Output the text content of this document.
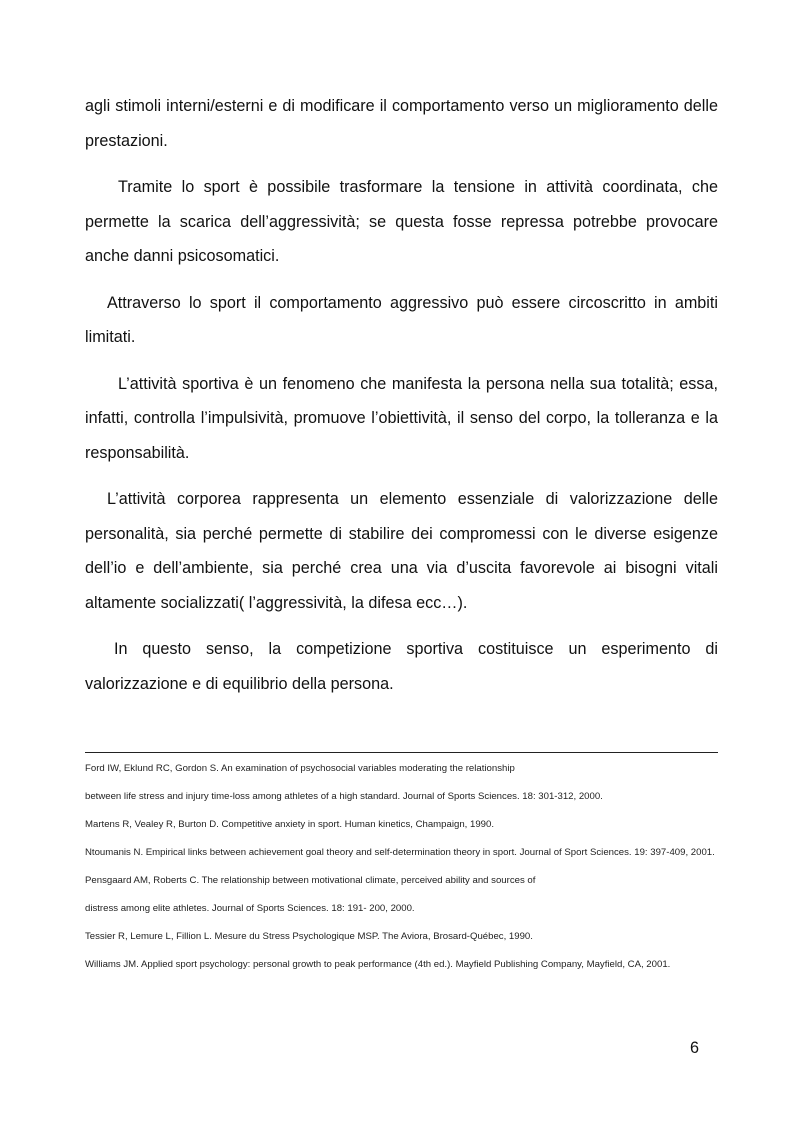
agli stimoli interni/esterni e di modificare il comportamento verso un miglioramento delle prestazioni.

Tramite lo sport è possibile trasformare la tensione in attività coordinata, che permette la scarica dell’aggressività; se questa fosse repressa potrebbe provocare anche danni psicosomatici.

Attraverso lo sport il comportamento aggressivo può essere circoscritto in ambiti limitati.

L’attività sportiva è un fenomeno che manifesta la persona nella sua totalità; essa, infatti, controlla l’impulsività, promuove l’obiettività, il senso del corpo, la tolleranza e la responsabilità.

L’attività corporea rappresenta un elemento essenziale di valorizzazione delle personalità, sia perché permette di stabilire dei compromessi con le diverse esigenze dell’io e dell’ambiente, sia perché crea una via d’uscita favorevole ai bisogni vitali altamente socializzati( l’aggressività, la difesa ecc…).

In questo senso, la competizione sportiva costituisce un esperimento di valorizzazione e di equilibrio della persona.

Ford IW, Eklund RC, Gordon S. An examination of psychosocial variables moderating the relationship

between life stress and injury time-loss among athletes of a high standard. Journal of Sports Sciences. 18: 301-312, 2000.

Martens R, Vealey R, Burton D. Competitive anxiety in sport. Human kinetics, Champaign, 1990.

Ntoumanis N. Empirical links between achievement goal theory and self-determination theory in sport. Journal of Sport Sciences. 19: 397-409, 2001.

Pensgaard AM, Roberts C. The relationship between motivational climate, perceived ability and sources of

distress among elite athletes. Journal of Sports Sciences. 18: 191- 200, 2000.

Tessier R, Lemure L, Fillion L. Mesure du Stress Psychologique MSP. The Aviora, Brosard-Québec, 1990.

Williams JM. Applied sport psychology: personal growth to peak performance (4th ed.). Mayfield Publishing Company, Mayfield, CA, 2001.

6
